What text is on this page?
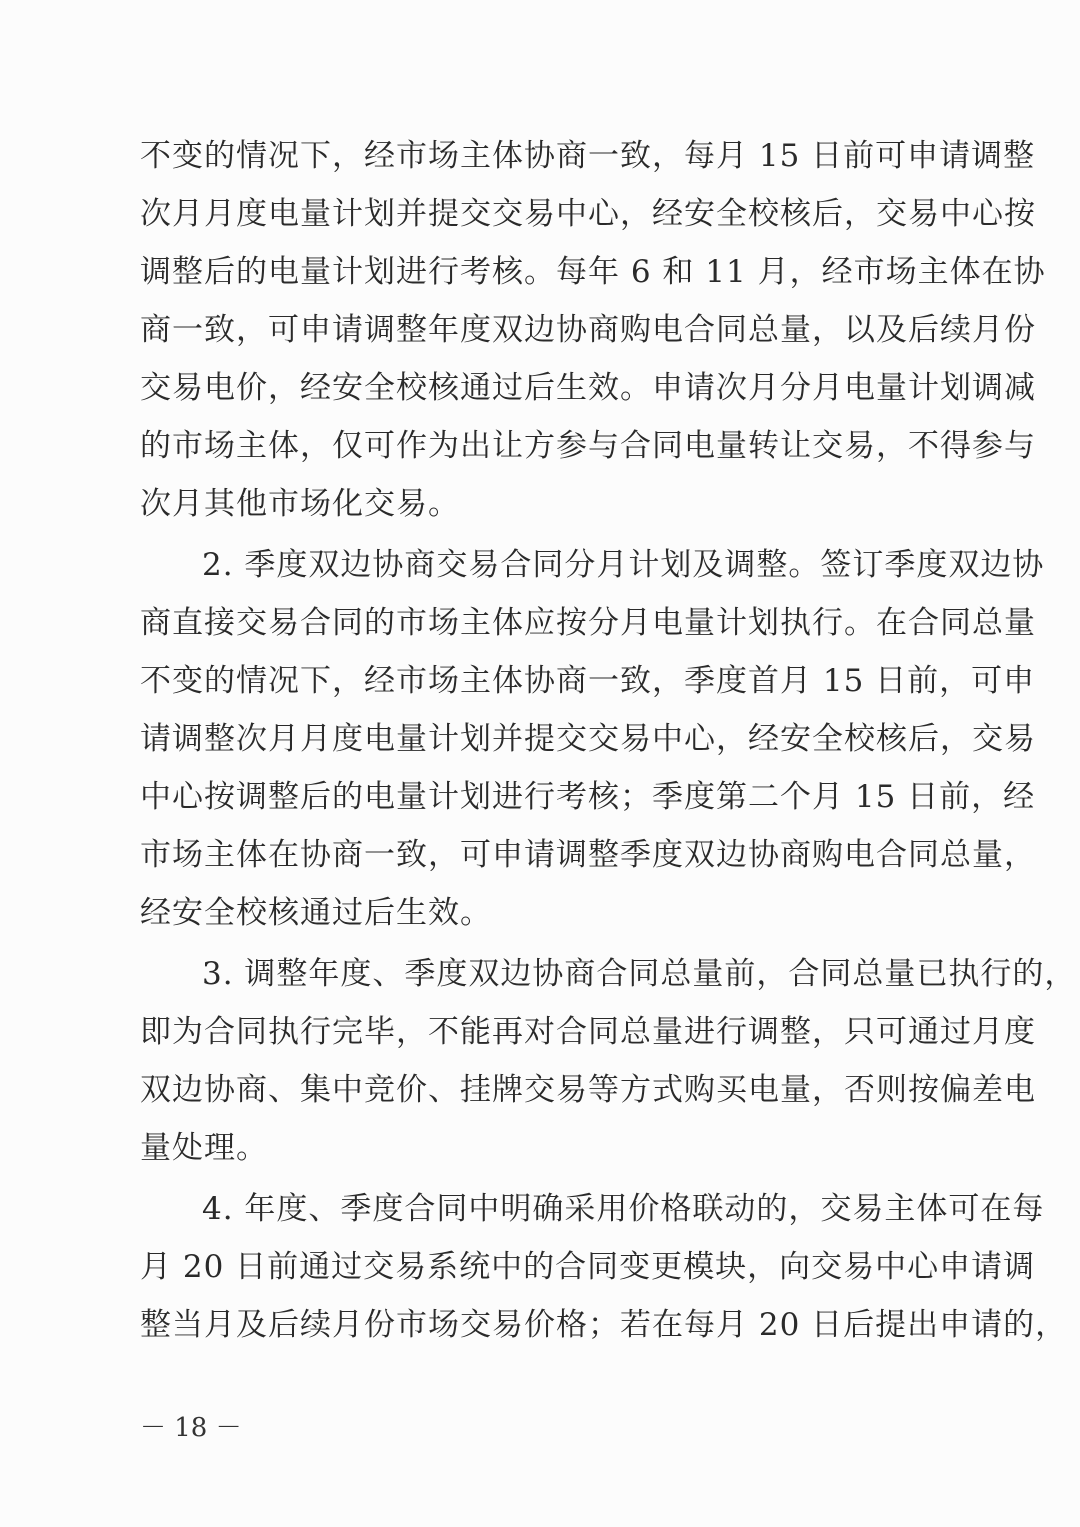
不变的情况下，经市场主体协商一致，每月 15 日前可申请调整
次月月度电量计划并提交交易中心，经安全校核后，交易中心按
调整后的电量计划进行考核。每年 6 和 11 月，经市场主体在协
商一致，可申请调整年度双边协商购电合同总量，以及后续月份
交易电价，经安全校核通过后生效。申请次月分月电量计划调减
的市场主体，仅可作为出让方参与合同电量转让交易，不得参与
次月其他市场化交易。
2. 季度双边协商交易合同分月计划及调整。签订季度双边协
商直接交易合同的市场主体应按分月电量计划执行。在合同总量
不变的情况下，经市场主体协商一致，季度首月 15 日前，可申
请调整次月月度电量计划并提交交易中心，经安全校核后，交易
中心按调整后的电量计划进行考核；季度第二个月 15 日前，经
市场主体在协商一致，可申请调整季度双边协商购电合同总量，
经安全校核通过后生效。
3. 调整年度、季度双边协商合同总量前，合同总量已执行的，
即为合同执行完毕，不能再对合同总量进行调整，只可通过月度
双边协商、集中竞价、挂牌交易等方式购买电量，否则按偏差电
量处理。
4. 年度、季度合同中明确采用价格联动的，交易主体可在每
月 20 日前通过交易系统中的合同变更模块，向交易中心申请调
整当月及后续月份市场交易价格；若在每月 20 日后提出申请的，
－ 18 －
